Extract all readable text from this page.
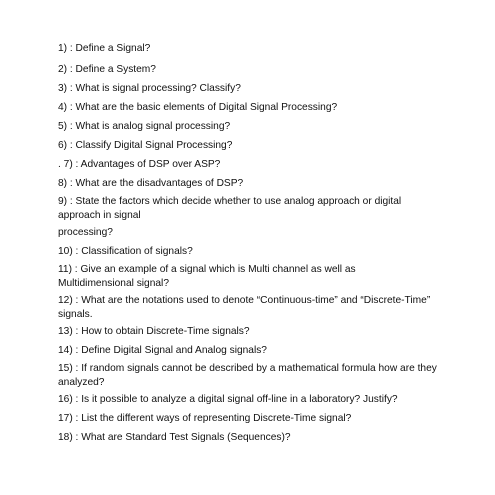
1) : Define a Signal?
2) : Define a System?
3) : What is signal processing? Classify?
4) : What are the basic elements of Digital Signal Processing?
5) : What is analog signal processing?
6) : Classify Digital Signal Processing?
. 7) : Advantages of DSP over ASP?
8) : What are the disadvantages of DSP?
9) : State the factors which decide whether to use analog approach or digital approach in signal
processing?
10) : Classification of signals?
11) : Give an example of a signal which is Multi channel as well as Multidimensional signal?
12) : What are the notations used to denote “Continuous-time” and “Discrete-Time” signals.
13) : How to obtain Discrete-Time signals?
14) : Define Digital Signal and Analog signals?
15) : If random signals cannot be described by a mathematical formula how are they analyzed?
16) : Is it possible to analyze a digital signal off-line in a laboratory? Justify?
17) : List the different ways of representing Discrete-Time signal?
18) : What are Standard Test Signals (Sequences)?
